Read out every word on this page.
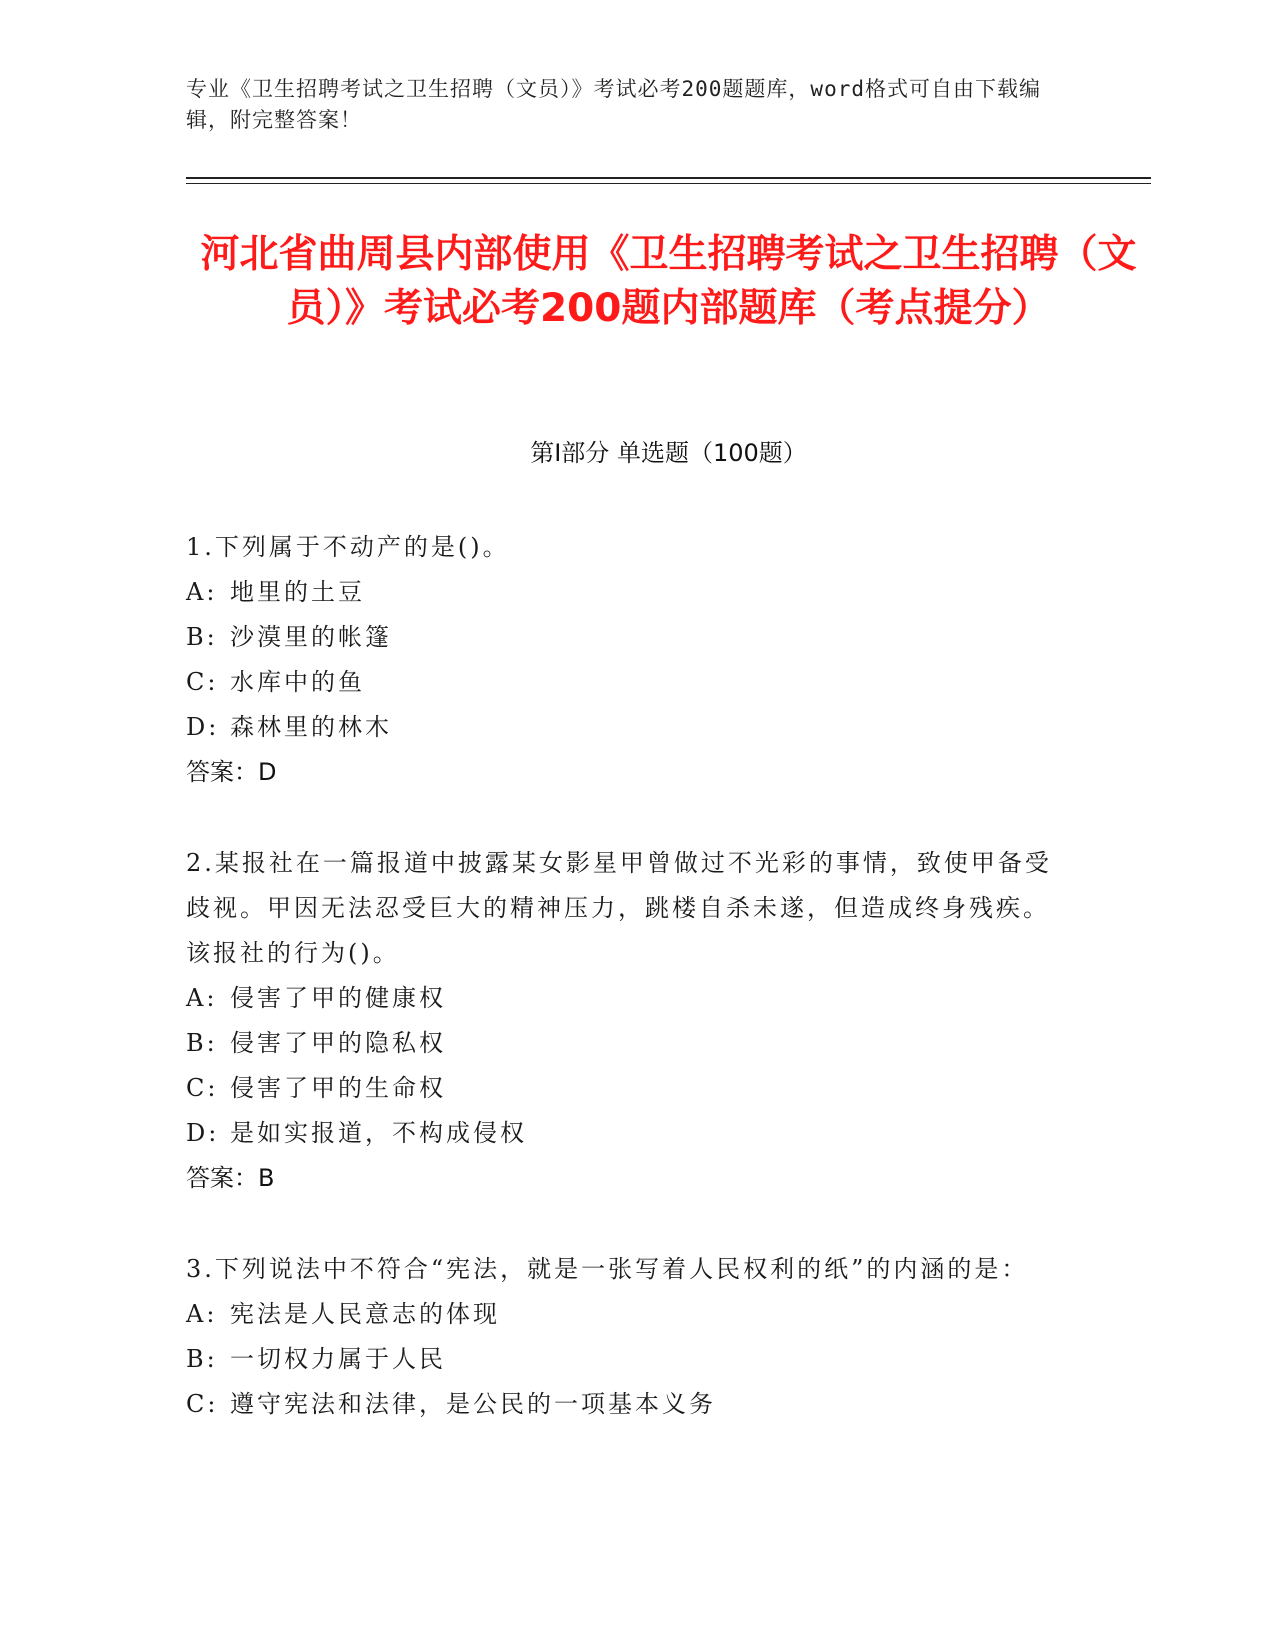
专业《卫生招聘考试之卫生招聘（文员）》考试必考200题题库，word格式可自由下载编辑，附完整答案！
河北省曲周县内部使用《卫生招聘考试之卫生招聘（文员）》考试必考200题内部题库（考点提分）
第Ⅰ部分 单选题（100题）
1.下列属于不动产的是()。
A: 地里的土豆
B: 沙漠里的帐篷
C: 水库中的鱼
D: 森林里的林木
答案：D
2.某报社在一篇报道中披露某女影星甲曾做过不光彩的事情，致使甲备受歧视。甲因无法忍受巨大的精神压力，跳楼自杀未遂，但造成终身残疾。该报社的行为()。
A: 侵害了甲的健康权
B: 侵害了甲的隐私权
C: 侵害了甲的生命权
D: 是如实报道，不构成侵权
答案：B
3.下列说法中不符合“宪法，就是一张写着人民权利的纸”的内涵的是：
A: 宪法是人民意志的体现
B: 一切权力属于人民
C: 遵守宪法和法律，是公民的一项基本义务
